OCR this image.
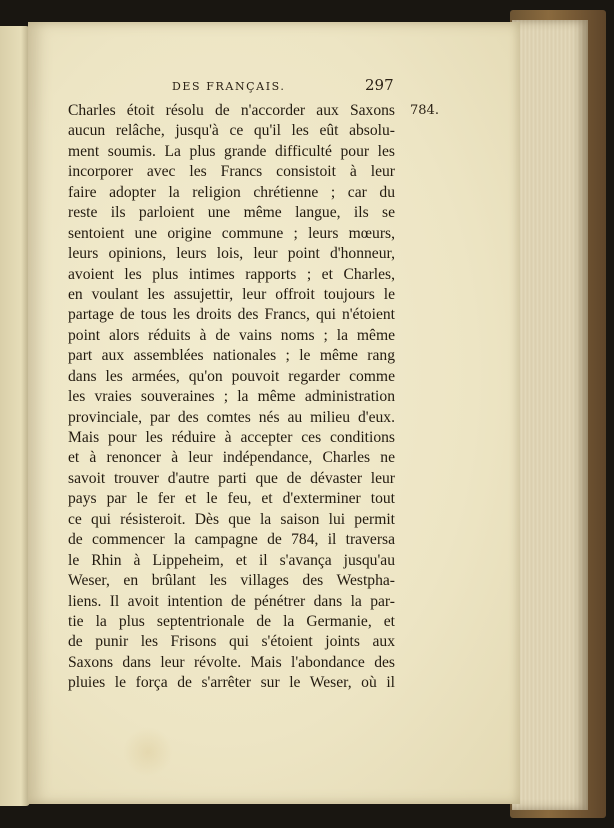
DES FRANÇAIS.	297

784.

Charles étoit résolu de n'accorder aux Saxons
aucun relâche, jusqu'à ce qu'il les eût absolu-
ment soumis. La plus grande difficulté pour les
incorporer avec les Francs consistoit à leur
faire adopter la religion chrétienne ; car du
reste ils parloient une même langue, ils se
sentoient une origine commune ; leurs mœurs,
leurs opinions, leurs lois, leur point d'honneur,
avoient les plus intimes rapports ; et Charles,
en voulant les assujettir, leur offroit toujours le
partage de tous les droits des Francs, qui n'étoient
point alors réduits à de vains noms ; la même
part aux assemblées nationales ; le même rang
dans les armées, qu'on pouvoit regarder comme
les vraies souveraines ; la même administration
provinciale, par des comtes nés au milieu d'eux.
Mais pour les réduire à accepter ces conditions
et à renoncer à leur indépendance, Charles ne
savoit trouver d'autre parti que de dévaster leur
pays par le fer et le feu, et d'exterminer tout
ce qui résisteroit. Dès que la saison lui permit
de commencer la campagne de 784, il traversa
le Rhin à Lippeheim, et il s'avança jusqu'au
Weser, en brûlant les villages des Westpha-
liens. Il avoit intention de pénétrer dans la par-
tie la plus septentrionale de la Germanie, et
de punir les Frisons qui s'étoient joints aux
Saxons dans leur révolte. Mais l'abondance des
pluies le força de s'arrêter sur le Weser, où il
